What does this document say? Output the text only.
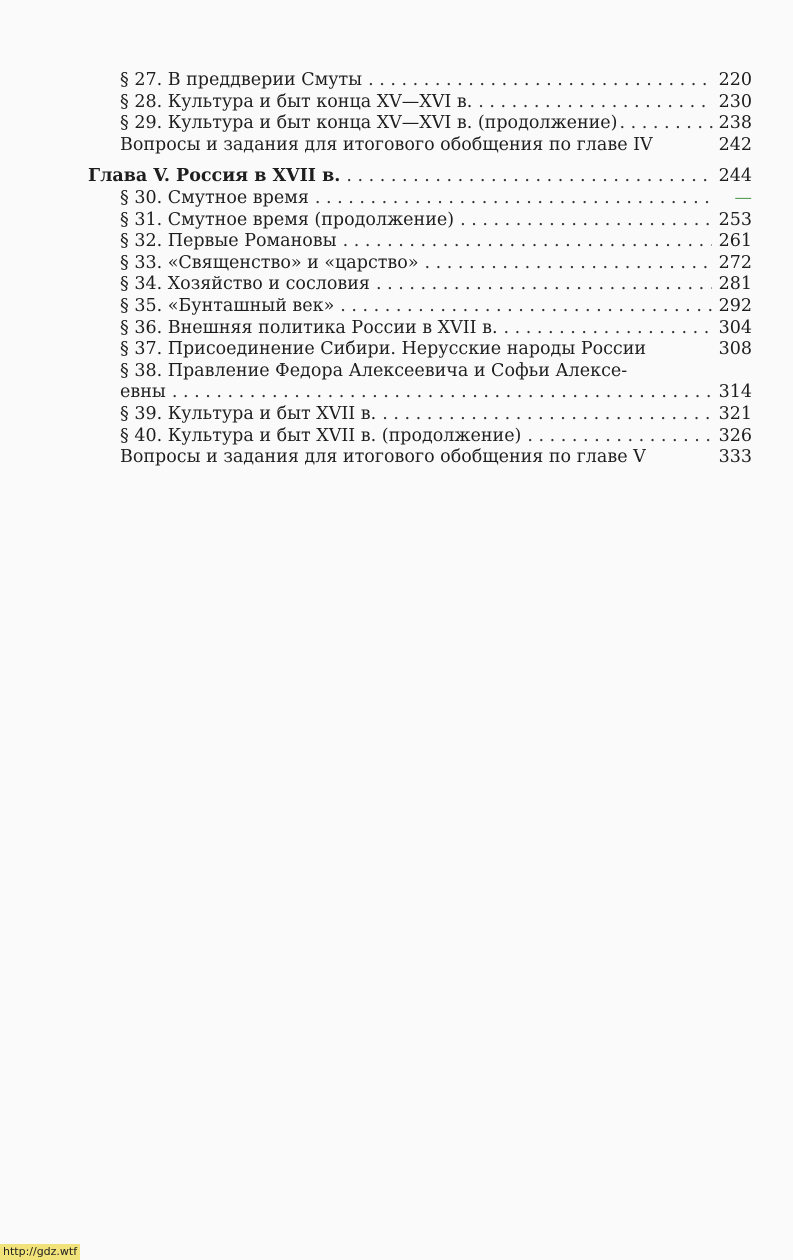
§ 27. В преддверии Смуты . . .	220
§ 28. Культура и быт конца XV—XVI в. . . .	230
§ 29. Культура и быт конца XV—XVI в. (продолжение) . . .	238
Вопросы и задания для итогового обобщения по главе IV	242
Глава V. Россия в XVII в. . . .	244
§ 30. Смутное время . . .	—
§ 31. Смутное время (продолжение) . . .	253
§ 32. Первые Романовы . . .	261
§ 33. «Священство» и «царство» . . .	272
§ 34. Хозяйство и сословия . . .	281
§ 35. «Бунташный век» . . .	292
§ 36. Внешняя политика России в XVII в. . . .	304
§ 37. Присоединение Сибири. Нерусские народы России	308
§ 38. Правление Федора Алексеевича и Софьи Алексе-
евны . . .	314
§ 39. Культура и быт XVII в. . . .	321
§ 40. Культура и быт XVII в. (продолжение) . . .	326
Вопросы и задания для итогового обобщения по главе V	333
http://gdz.wtf
